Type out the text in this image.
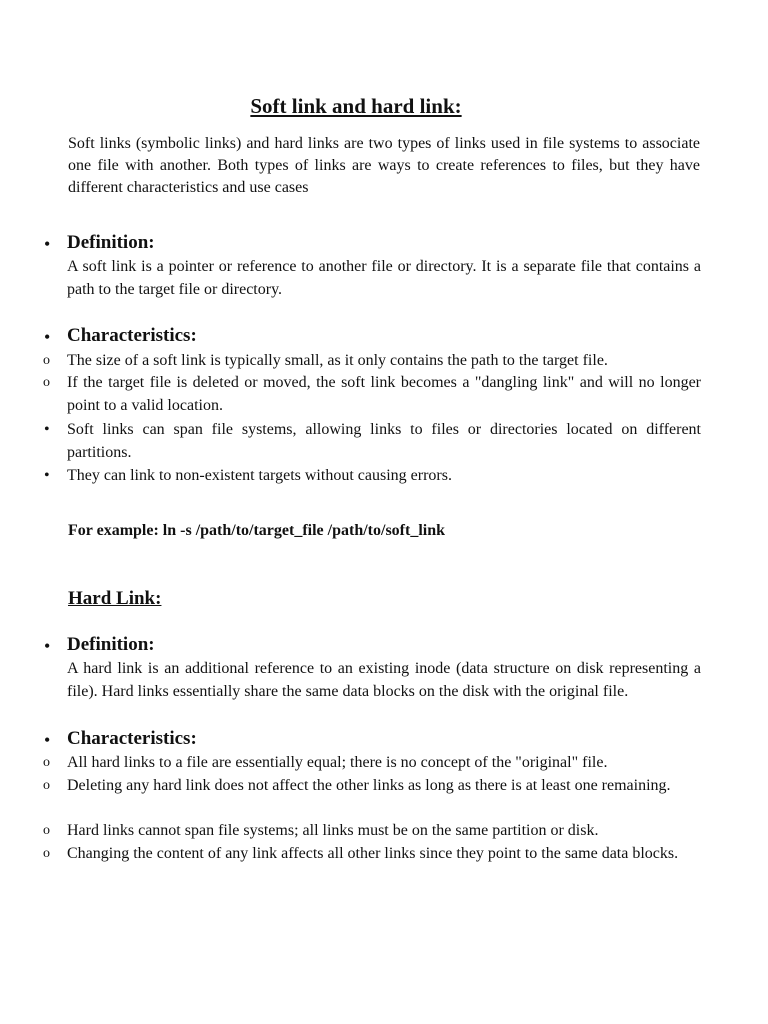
Soft link and hard link:
Soft links (symbolic links) and hard links are two types of links used in file systems to associate one file with another. Both types of links are ways to create references to files, but they have different characteristics and use cases
• Definition:
A soft link is a pointer or reference to another file or directory. It is a separate file that contains a path to the target file or directory.
• Characteristics:
o The size of a soft link is typically small, as it only contains the path to the target file.
o If the target file is deleted or moved, the soft link becomes a "dangling link" and will no longer point to a valid location.
• Soft links can span file systems, allowing links to files or directories located on different partitions.
• They can link to non-existent targets without causing errors.
For example: ln -s /path/to/target_file /path/to/soft_link
Hard Link:
• Definition:
A hard link is an additional reference to an existing inode (data structure on disk representing a file). Hard links essentially share the same data blocks on the disk with the original file.
• Characteristics:
o All hard links to a file are essentially equal; there is no concept of the "original" file.
o Deleting any hard link does not affect the other links as long as there is at least one remaining.
o Hard links cannot span file systems; all links must be on the same partition or disk.
o Changing the content of any link affects all other links since they point to the same data blocks.
